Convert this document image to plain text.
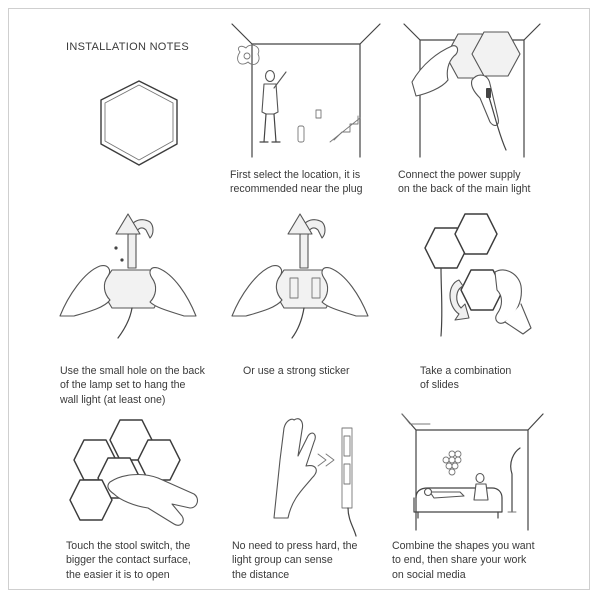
INSTALLATION NOTES
First select the location, it is
recommended near the plug
Connect the power supply
on the back of the main light
Use the small hole on the back
of the lamp set to hang the
wall light (at least one)
Or use a strong sticker	Take a combination
of slides
Touch the stool switch, the
bigger the contact surface,
the easier it is to open
No need to press hard, the
light group can sense
the distance
Combine the shapes you want
to end, then share your work
on social media
